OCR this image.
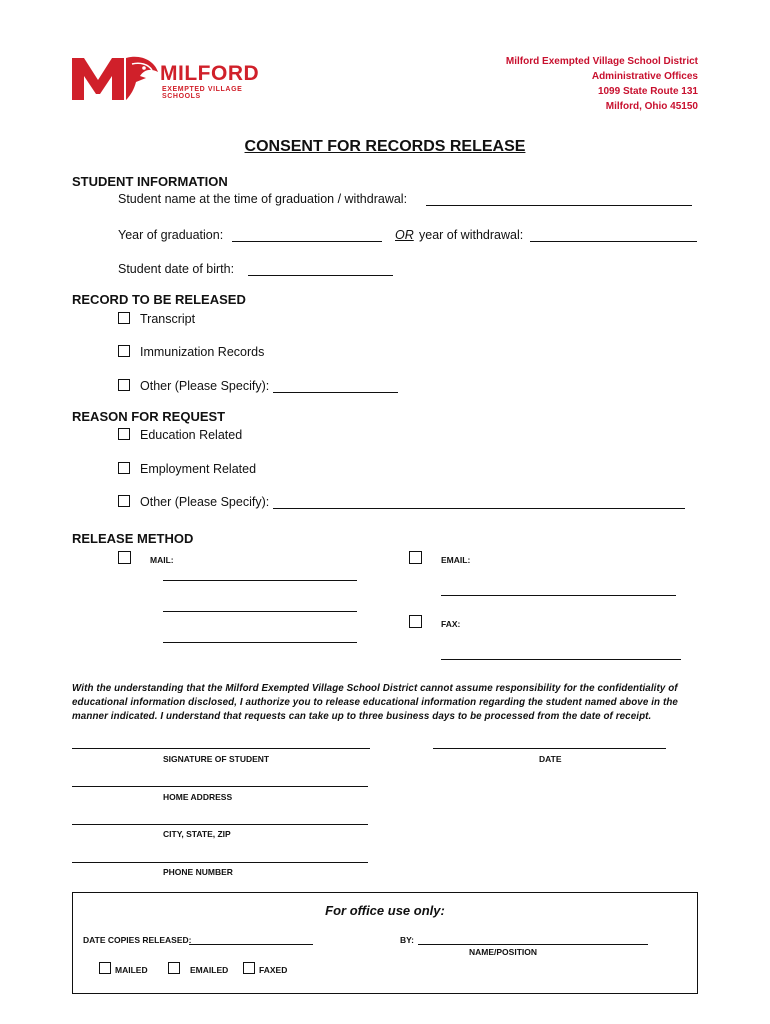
MILFORD
EXEMPTED VILLAGE SCHOOLS
Milford Exempted Village School District
Administrative Offices
1099 State Route 131
Milford, Ohio 45150
CONSENT FOR RECORDS RELEASE
STUDENT INFORMATION
Student name at the time of graduation / withdrawal:
Year of graduation:	OR year of withdrawal:
Student date of birth:
RECORD TO BE RELEASED
Transcript
Immunization Records
Other (Please Specify):
REASON FOR REQUEST
Education Related
Employment Related
Other (Please Specify):
RELEASE METHOD
MAIL:	EMAIL:
FAX:
With the understanding that the Milford Exempted Village School District cannot assume responsibility for the confidentiality of educational information disclosed, I authorize you to release educational information regarding the student named above in the manner indicated. I understand that requests can take up to three business days to be processed from the date of receipt.
SIGNATURE OF STUDENT	DATE
HOME ADDRESS
CITY, STATE, ZIP
PHONE NUMBER
For office use only:
DATE COPIES RELEASED:	BY:
NAME/POSITION
MAILED	EMAILED	FAXED
